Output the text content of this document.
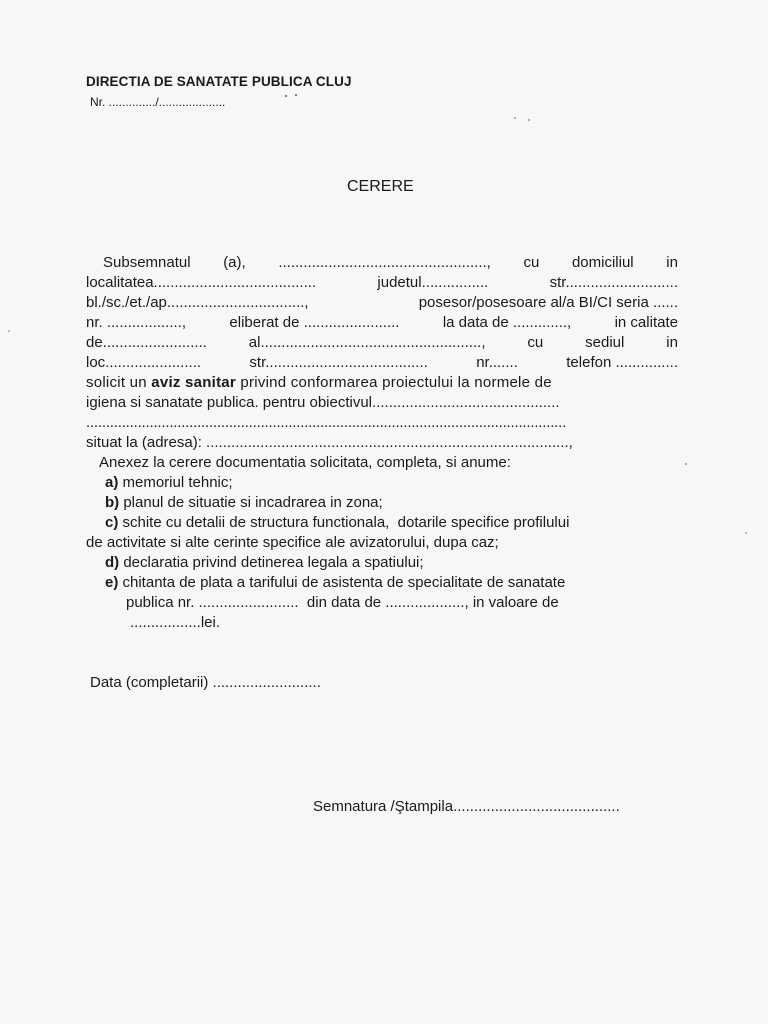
DIRECTIA DE SANATATE PUBLICA CLUJ
Nr. ............../....................
CERERE
Subsemnatul (a), .................................................., cu domiciliul in
localitatea.......................................	judetul................	str...........................
bl./sc./et./ap.................................,	posesor/posesoare al/a BI/CI seria ......
nr. ..................,	eliberat de .......................	la data de .............,	in calitate
de.........................	al.....................................................,	cu	sediul	in
loc.......................	str.......................................	nr.......	telefon ...............
solicit un aviz sanitar privind conformarea proiectului la normele de
igiena si sanatate publica. pentru obiectivul.............................................
.........................................................................................................................
situat la (adresa): .......................................................................................,
Anexez la cerere documentatia solicitata, completa, si anume:
a) memoriul tehnic;
b) planul de situatie si incadrarea in zona;
c) schite cu detalii de structura functionala,  dotarile specifice profilului
de activitate si alte cerinte specifice ale avizatorului, dupa caz;
d) declaratia privind detinerea legala a spatiului;
e) chitanta de plata a tarifului de asistenta de specialitate de sanatate
publica nr. ........................  din data de ..................., in valoare de
.................lei.
Data (completarii) ..........................
Semnatura /Ştampila........................................
